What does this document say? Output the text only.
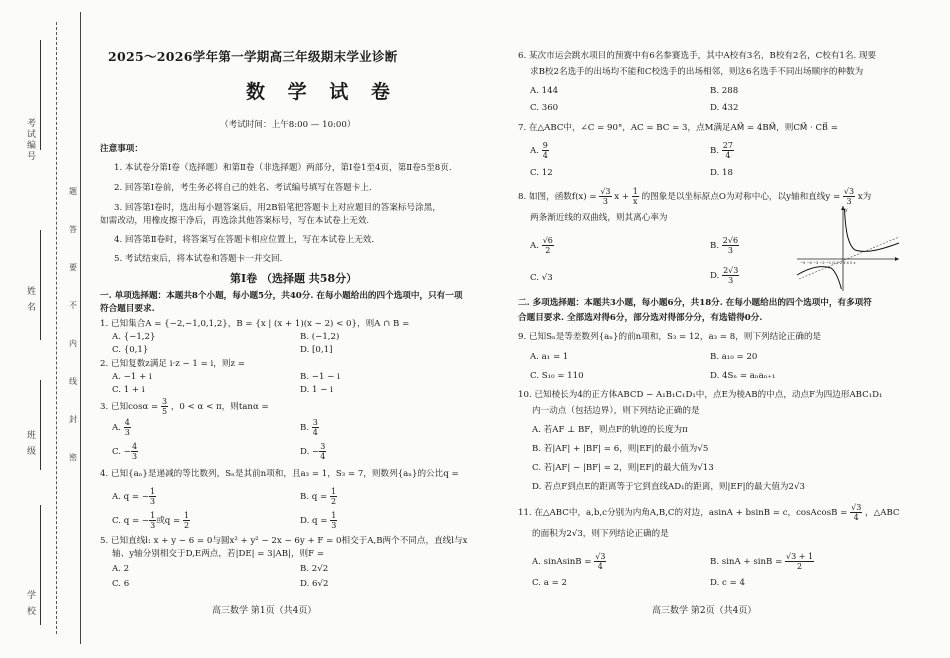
考试编号
姓 名
班 级
学 校
题
答
要
不
内
线
封
密
2025～2026学年第一学期高三年级期末学业诊断
数 学 试 卷
（考试时间：上午8:00 — 10:00）
注意事项：
1. 本试卷分第Ⅰ卷（选择题）和第Ⅱ卷（非选择题）两部分，第Ⅰ卷1至4页，第Ⅱ卷5至8页.
2. 回答第Ⅰ卷前，考生务必将自己的姓名、考试编号填写在答题卡上.
3. 回答第Ⅰ卷时，选出每小题答案后，用2B铅笔把答题卡上对应题目的答案标号涂黑，
如需改动，用橡皮擦干净后，再选涂其他答案标号，写在本试卷上无效.
4. 回答第Ⅱ卷时，将答案写在答题卡相应位置上，写在本试卷上无效.
5. 考试结束后，将本试卷和答题卡一并交回.
第Ⅰ卷 （选择题 共58分）
一. 单项选择题：本题共8个小题，每小题5分，共40分. 在每小题给出的四个选项中，只有一项
符合题目要求.
1. 已知集合A = {−2,−1,0,1,2}，B = {x | (x + 1)(x − 2) < 0}，则A ∩ B =
A. {−1,2}	B. (−1,2)
C. {0,1}	D. [0,1]
2. 已知复数z满足 i·z − 1 = i，则z =
A. −1 + i	B. −1 − i
C. 1 + i	D. 1 − i
3. 已知$\cos\alpha = \frac{3}{5}$ ，0 < α < π，则tanα =
A. $\frac{4}{3}$	B. $\frac{3}{4}$
C. − $\frac{4}{3}$	D. − $\frac{3}{4}$
4. 已知{aₙ}是递减的等比数列，Sₙ是其前n项和，且a₃ = 1，S₃ = 7，则数列{aₙ}的公比q =
A. q = − $\frac{1}{3}$	B. $q = \frac{1}{2}$
C. q = − $\frac{1}{3}$ 或$q = \frac{1}{2}$	D. $q = \frac{1}{3}$
5. 已知直线l: x + y − 6 = 0与圆x² + y² − 2x − 6y + F = 0相交于A,B两个不同点，直线l与x
轴、y轴分别相交于D,E两点，若|DE| = 3|AB|，则F =
A. 2	B. 2√2
C. 6	D. 6√2
高三数学 第1页（共4页）
6. 某次市运会跳水项目的预赛中有6名参赛选手，其中A校有3名，B校有2名，C校有1名. 现要
求B校2名选手的出场均不能和C校选手的出场相邻，则这6名选手不同出场顺序的种数为
A. 144	B. 288
C. 360	D. 432
7. 在△ABC中，∠C = 90°，AC = BC = 3，点M满足AM⃗ = 4BM⃗，则CM⃗ · CB⃗ =
A. $\frac{9}{4}$	B. $\frac{27}{4}$
C. 12	D. 18
8. 如图，函数$f(x) = \frac{√3}{3}$ $x + \frac{1}{x}$ 的图象是以坐标原点O为对称中心，以y轴和直线$y = \frac{√3}{3}$ x为
两条渐近线的双曲线，则其离心率为
A. $\frac{√6}{2}$	B. $\frac{2√6}{3}$
C. √3	D. $\frac{2√3}{3}$
二. 多项选择题：本题共3小题，每小题6分，共18分. 在每小题给出的四个选项中，有多项符
合题目要求. 全部选对得6分，部分选对得部分分，有选错得0分.
9. 已知Sₙ是等差数列{aₙ}的前n项和，S₃ = 12，a₃ = 8，则下列结论正确的是
A. a₁ = 1	B. a₁₀ = 20
C. S₁₀ = 110	D. 4Sₙ = aₙaₙ₊₁
10. 已知棱长为4的正方体ABCD − A₁B₁C₁D₁中，点E为棱AB的中点，动点F为四边形ABC₁D₁
内一动点（包括边界），则下列结论正确的是
A. 若AF ⊥ BF，则点F的轨迹的长度为π
B. 若|AF| + |BF| = 6，则|EF|的最小值为√5
C. 若|AF| − |BF| = 2，则|EF|的最大值为√13
D. 若点F到点E的距离等于它到直线AD₁的距离，则|EF|的最大值为2√3
11. 在△ABC中，a,b,c分别为内角A,B,C的对边，asinA + bsinB = c，cosAcosB = $\frac{√3}{4}$ ，△ABC
的面积为2√3，则下列结论正确的是
A. sinAsinB = $\frac{√3}{4}$	B. $\sin A + \sin B = \frac{√3 + 1}{2}$
C. a = 2	D. c = 4
高三数学 第2页（共4页）
−5 −4 −3 −2 −1 O 1 2 3 4 5 x
y
